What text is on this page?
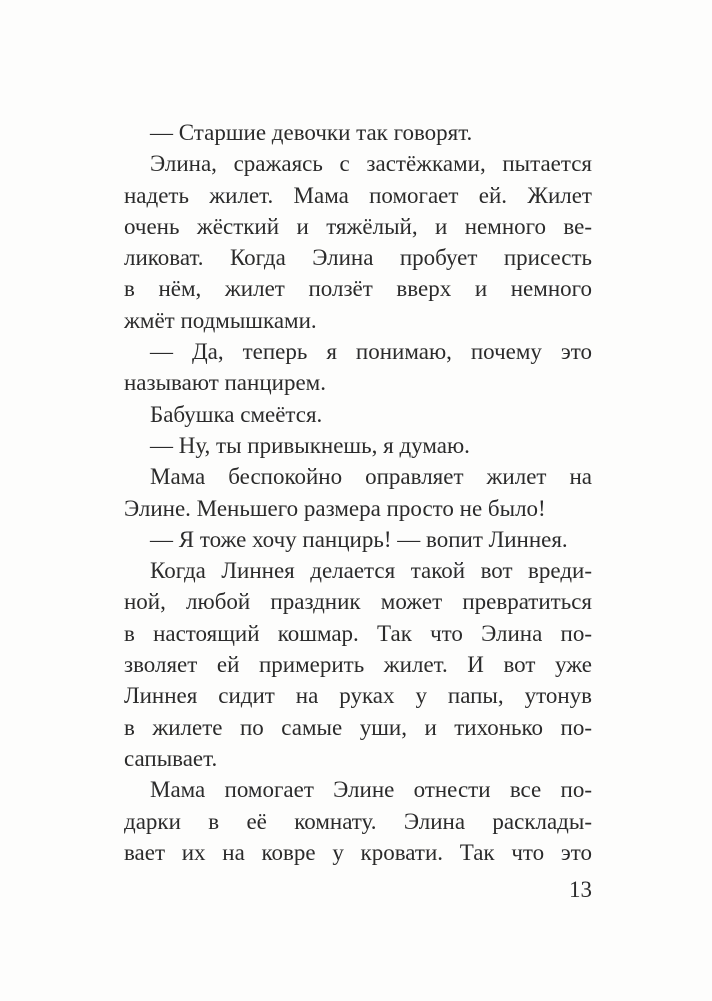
— Старшие девочки так говорят.
Элина, сражаясь с застёжками, пытается
надеть жилет. Мама помогает ей. Жилет
очень жёсткий и тяжёлый, и немного ве-
ликоват. Когда Элина пробует присесть
в нём, жилет ползёт вверх и немного
жмёт подмышками.
— Да, теперь я понимаю, почему это
называют панцирем.
Бабушка смеётся.
— Ну, ты привыкнешь, я думаю.
Мама беспокойно оправляет жилет на
Элине. Меньшего размера просто не было!
— Я тоже хочу панцирь! — вопит Линнея.
Когда Линнея делается такой вот вреди-
ной, любой праздник может превратиться
в настоящий кошмар. Так что Элина по-
зволяет ей примерить жилет. И вот уже
Линнея сидит на руках у папы, утонув
в жилете по самые уши, и тихонько по-
сапывает.
Мама помогает Элине отнести все по-
дарки в её комнату. Элина расклады-
вает их на ковре у кровати. Так что это
13
